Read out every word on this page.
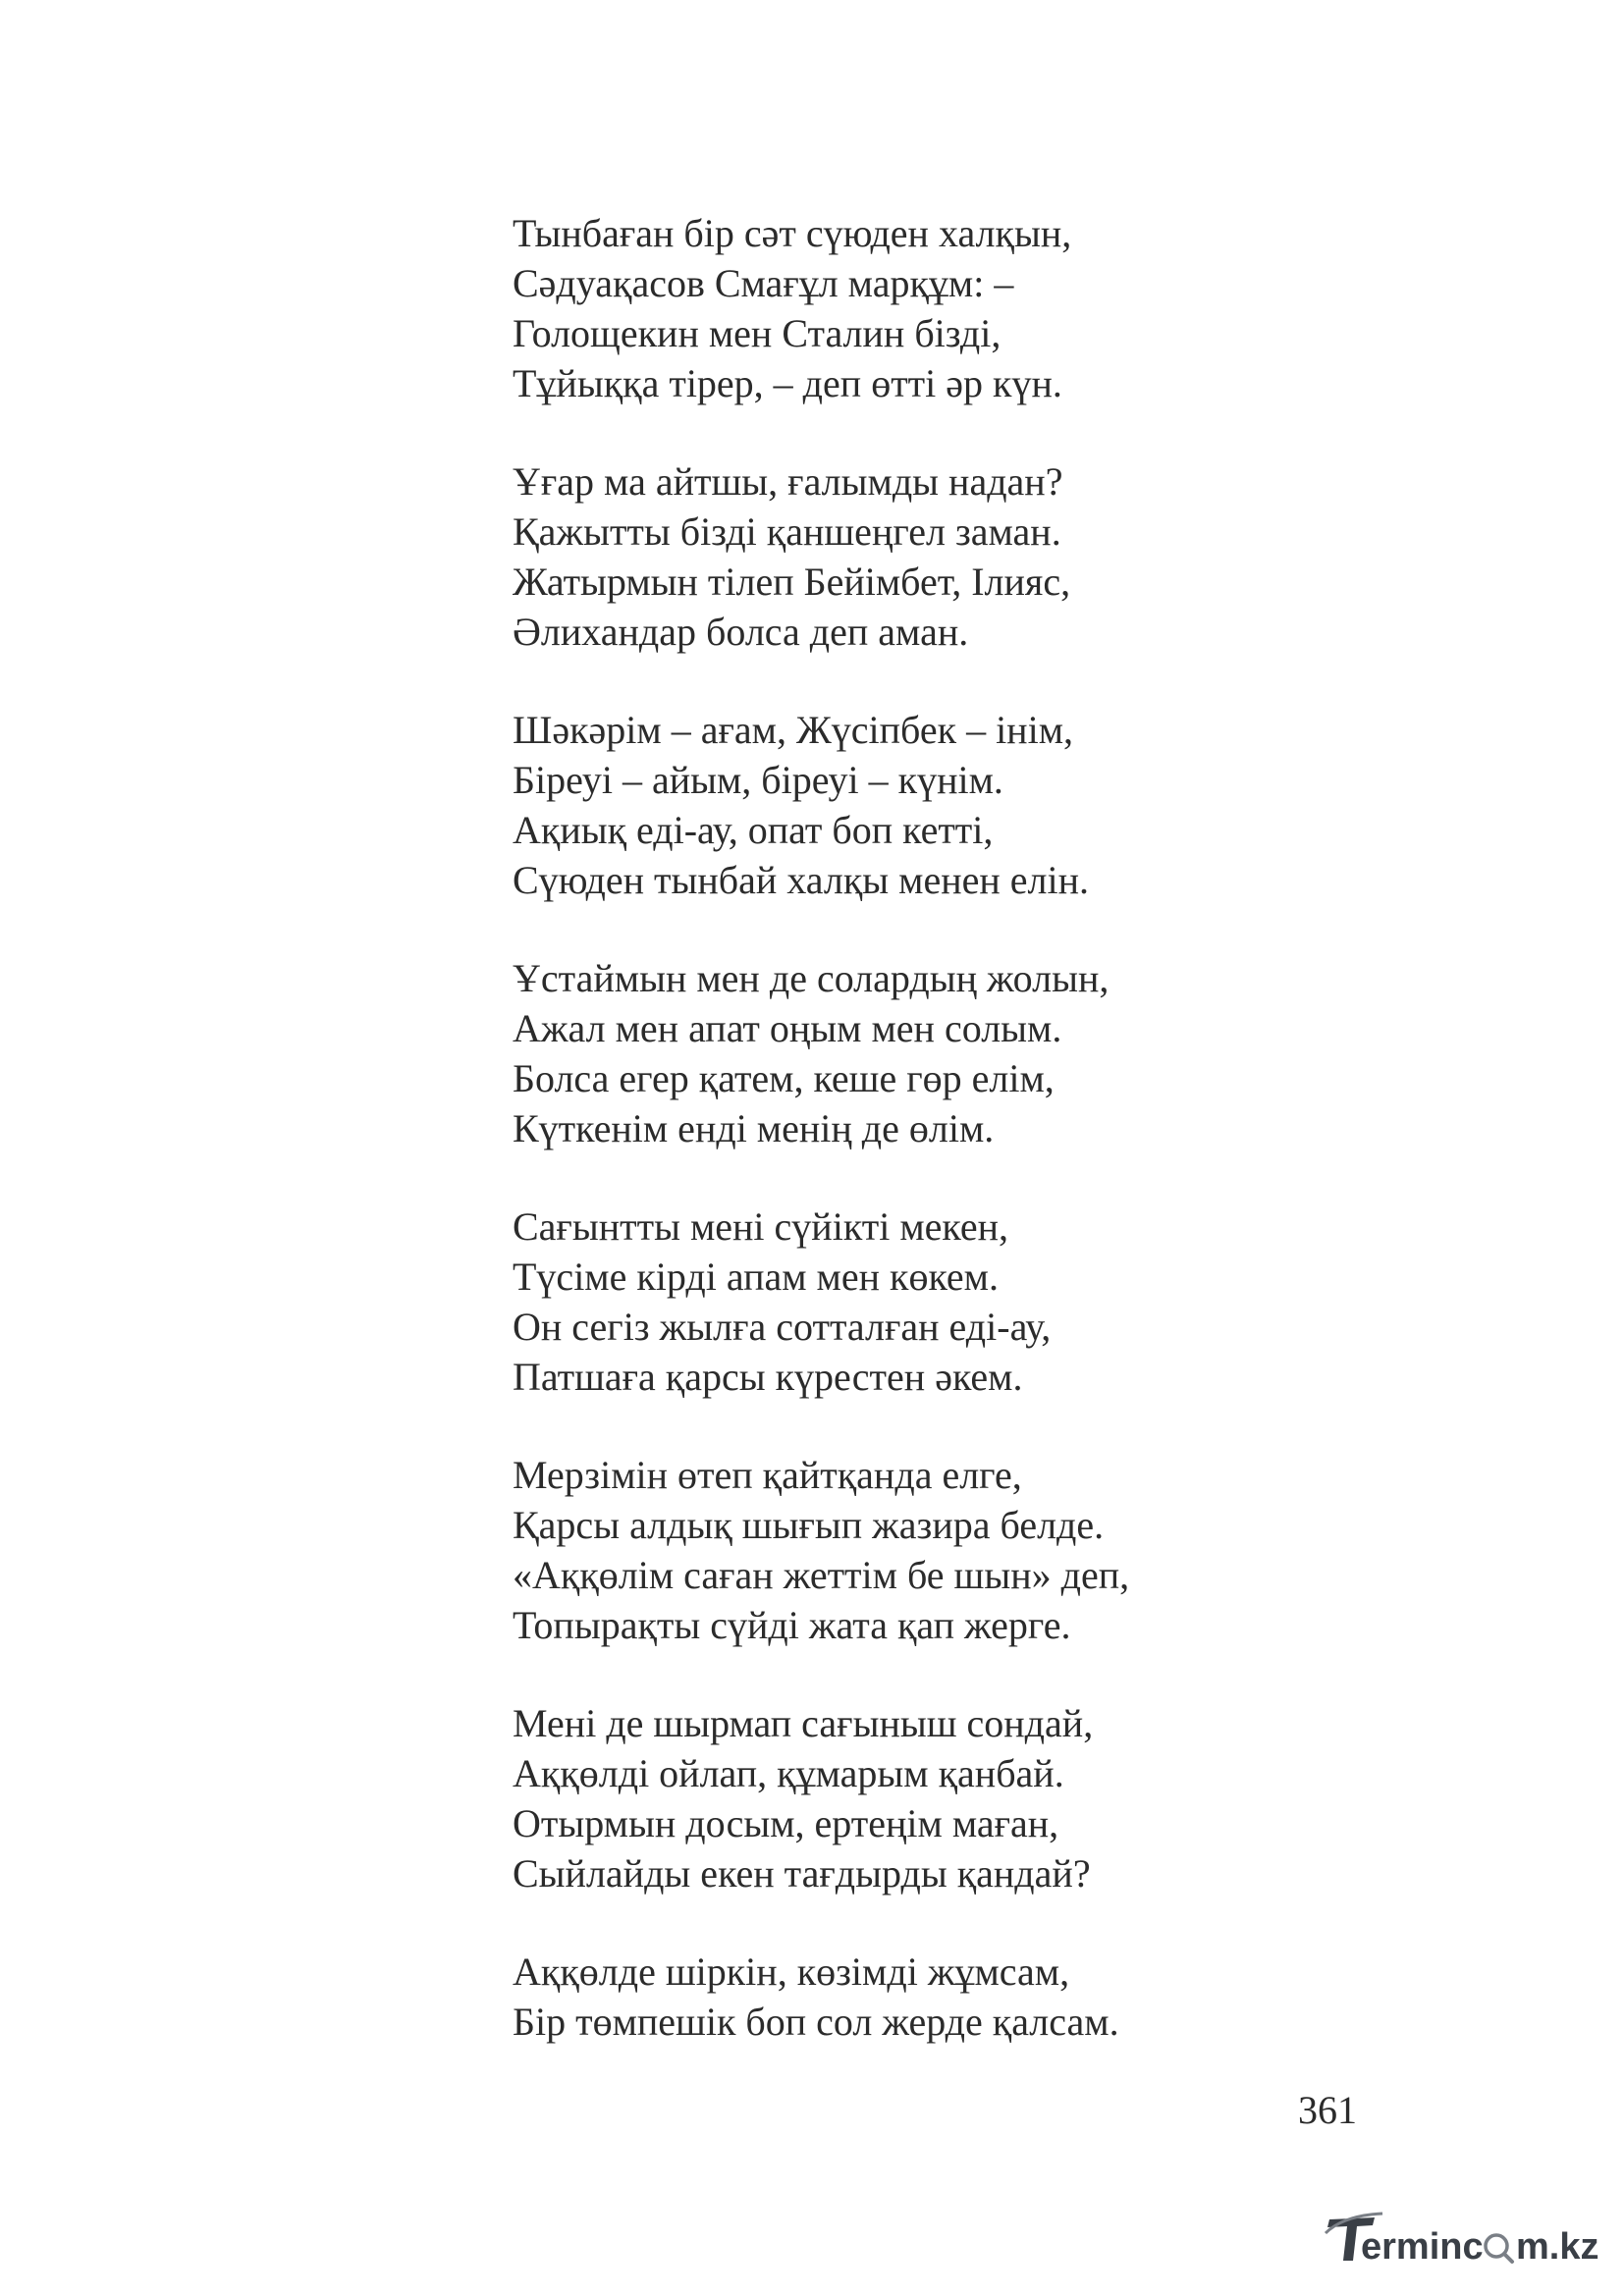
Тынбаған бір сәт сүюден халқын,
Сәдуақасов Смағұл марқұм: –
Голощекин мен Сталин бізді,
Тұйыққа тірер, – деп өтті әр күн.
Ұғар ма айтшы, ғалымды надан?
Қажытты бізді қаншеңгел заман.
Жатырмын тілеп Бейімбет, Ілияс,
Әлихандар болса деп аман.
Шәкәрім – ағам, Жүсіпбек – інім,
Біреуі – айым, біреуі – күнім.
Ақиық еді-ау, опат боп кетті,
Сүюден тынбай халқы менен елін.
Ұстаймын мен де солардың жолын,
Ажал мен апат оңым мен солым.
Болса егер қатем, кеше гөр елім,
Күткенім енді менің де өлім.
Сағынтты мені сүйікті мекен,
Түсіме кірді апам мен көкем.
Он сегіз жылға сотталған еді-ау,
Патшаға қарсы күрестен әкем.
Мерзімін өтеп қайтқанда елге,
Қарсы алдық шығып жазира белде.
«Аққөлім саған жеттім бе шын» деп,
Топырақты сүйді жата қап жерге.
Мені де шырмап сағыныш сондай,
Аққөлді ойлап, құмарым қанбай.
Отырмын досым, ертеңім маған,
Сыйлайды екен тағдырды қандай?
Аққөлде шіркін, көзімді жұмсам,
Бір төмпешік боп сол жерде қалсам.
361
erminc m.kz
